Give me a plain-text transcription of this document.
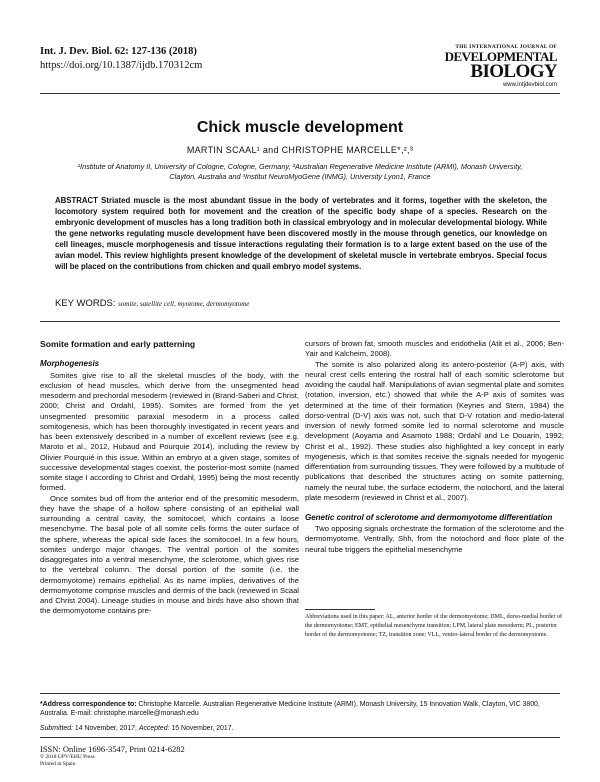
Int. J. Dev. Biol. 62: 127-136 (2018)
https://doi.org/10.1387/ijdb.170312cm
THE INTERNATIONAL JOURNAL OF
DEVELOPMENTAL
BIOLOGY
www.intjdevbiol.com
Chick muscle development
MARTIN SCAAL¹ and CHRISTOPHE MARCELLE*,²,³
¹Institute of Anatomy II, University of Cologne, Cologne, Germany, ²Australian Regenerative Medicine Institute (ARMI), Monash University, Clayton, Australia and ³Institut NeuroMyoGene (INMG), University Lyon1, France
ABSTRACT Striated muscle is the most abundant tissue in the body of vertebrates and it forms, together with the skeleton, the locomotory system required both for movement and the creation of the specific body shape of a species. Research on the embryonic development of muscles has a long tradition both in classical embryology and in molecular developmental biology. While the gene networks regulating muscle development have been discovered mostly in the mouse through genetics, our knowledge on cell lineages, muscle morphogenesis and tissue interactions regulating their formation is to a large extent based on the use of the avian model. This review highlights present knowledge of the development of skeletal muscle in vertebrate embryos. Special focus will be placed on the contributions from chicken and quail embryo model systems.
KEY WORDS: somite, satellite cell, myotome, dermomyotome
Somite formation and early patterning
Morphogenesis

Somites give rise to all the skeletal muscles of the body, with the exclusion of head muscles, which derive from the unsegmented head mesoderm and prechordal mesoderm (reviewed in (Brand-Saberi and Christ, 2000; Christ and Ordahl, 1995). Somites are formed from the yet unsegmented presomitic paraxial mesoderm in a process called somitogenesis, which has been thoroughly investigated in recent years and has been extensively described in a number of excellent reviews (see e.g. Maroto et al., 2012, Hubaud and Pourquie 2014), including the review by Olivier Pourquié in this issue. Within an embryo at a given stage, somites of successive developmental stages coexist, the posterior-most somite (named somite stage I according to Christ and Ordahl, 1995) being the most recently formed.

Once somites bud off from the anterior end of the presomitic mesoderm, they have the shape of a hollow sphere consisting of an epithelial wall surrounding a central cavity, the somitocoel, which contains a loose mesenchyme. The basal pole of all somite cells forms the outer surface of the sphere, whereas the apical side faces the somitocoel. In a few hours, somites undergo major changes. The ventral portion of the somites disaggregates into a ventral mesenchyme, the sclerotome, which gives rise to the vertebral column. The dorsal portion of the somite (i.e. the dermomyotome) remains epithelial. As its name implies, derivatives of the dermomyotome comprise muscles and dermis of the back (reviewed in Scaal and Christ 2004). Lineage studies in mouse and birds have also shown that the dermomyotome contains pre-

cursors of brown fat, smooth muscles and endothelia (Atit et al., 2006; Ben-Yair and Kalcheim, 2008).

The somite is also polarized along its antero-posterior (A-P) axis, with neural crest cells entering the rostral half of each somitic sclerotome but avoiding the caudal half. Manipulations of avian segmental plate and somites (rotation, inversion, etc.) showed that while the A-P axis of somites was determined at the time of their formation (Keynes and Stern, 1984) the dorso-ventral (D-V) axis was not, such that D-V rotation and medio-lateral inversion of newly formed somite led to normal sclerotome and muscle development (Aoyama and Asamoto 1988; Ordahl and Le Douarin, 1992; Christ et al., 1992). These studies also highlighted a key concept in early myogenesis, which is that somites receive the signals needed for myogenic differentiation from surrounding tissues. They were followed by a multitude of publications that described the structures acting on somite patterning, namely the neural tube, the surface ectoderm, the notochord, and the lateral plate mesoderm (reviewed in Christ et al., 2007).

Genetic control of sclerotome and dermomyotome differentiation

Two opposing signals orchestrate the formation of the sclerotome and the dermomyotome. Ventrally, Shh, from the notochord and floor plate of the neural tube triggers the epithelial mesenchyme

Abbreviations used in this paper: AL, anterior border of the dermomyotome; DML, dorso-medial border of the dermomyotome; EMT, epithelial mesenchyme transition; LPM, lateral plate mesoderm; PL, posterior border of the dermomyotome; TZ, transition zone; VLL, ventro-lateral border of the dermomyotome.
*Address correspondence to: Christophe Marcelle. Australian Regenerative Medicine Institute (ARMI), Monash University, 15 Innovation Walk, Clayton, VIC 3800, Australia. E-mail: christophe.marcelle@monash.edu
Submitted: 14 November, 2017; Accepted: 15 November, 2017.
ISSN: Online 1696-3547, Print 0214-6282
© 2018 UPV/EHU Press
Printed in Spain
